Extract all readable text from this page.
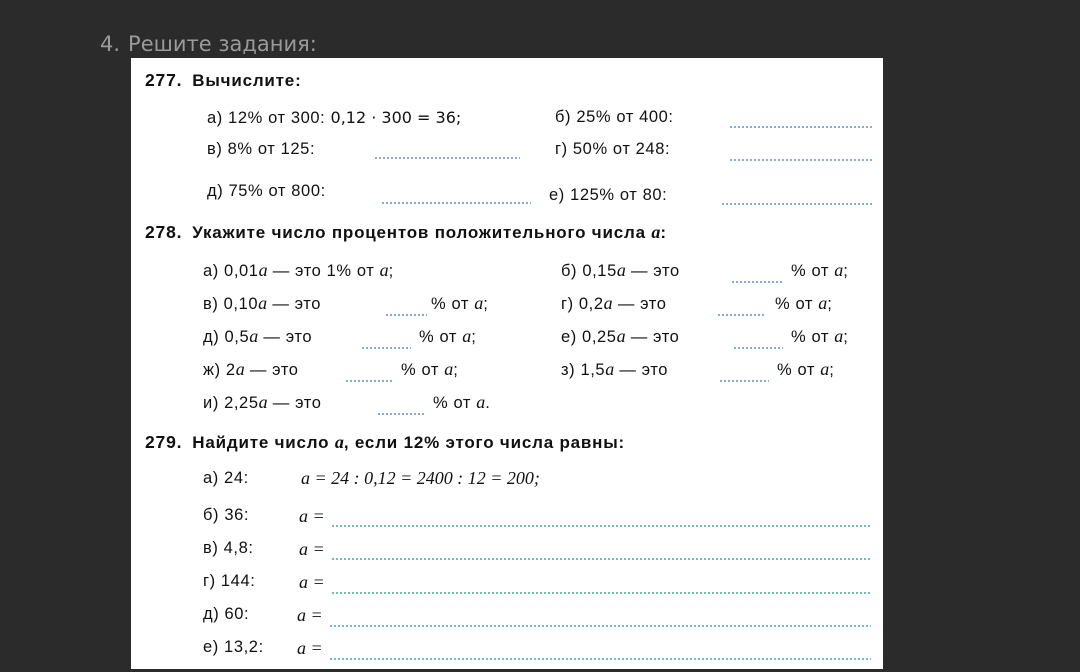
4. Решите задания:
277. Вычислите:
а) 12% от 300: 0,12 · 300 = 36;	б) 25% от 400:
в) 8% от 125:	г) 50% от 248:
д) 75% от 800:	е) 125% от 80:
278. Укажите число процентов положительного числа a:
а) 0,01a — это 1% от a;	б) 0,15a — это	% от a;
в) 0,10a — это	% от a;	г) 0,2a — это	% от a;
д) 0,5a — это	% от a;	е) 0,25a — это	% от a;
ж) 2a — это	% от a;	з) 1,5a — это	% от a;
и) 2,25a — это	% от a.
279. Найдите число a, если 12% этого числа равны:
а) 24:	a = 24 : 0,12 = 2400 : 12 = 200;
б) 36:	a =
в) 4,8:	a =
г) 144: a =
д) 60:	a =
е) 13,2: a =
